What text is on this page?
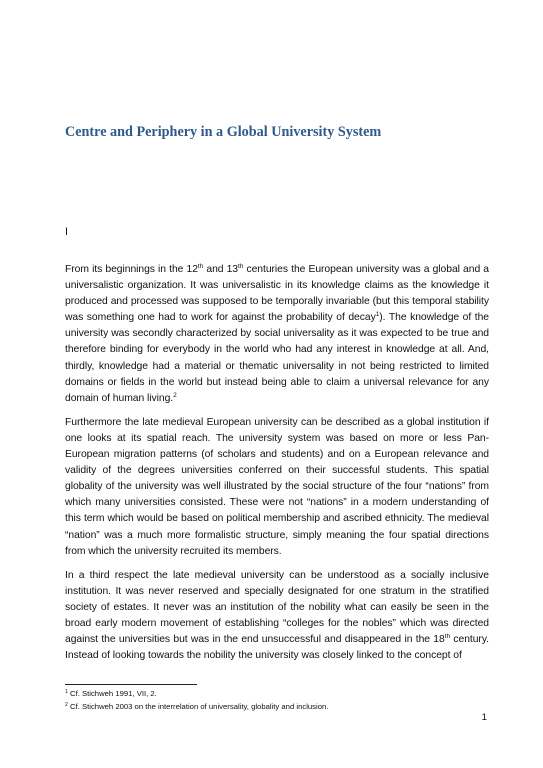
Centre and Periphery in a Global University System
I

From its beginnings in the 12th and 13th centuries the European university was a global and a universalistic organization. It was universalistic in its knowledge claims as the knowledge it produced and processed was supposed to be temporally invariable (but this temporal stability was something one had to work for against the probability of decay$^1$). The knowledge of the university was secondly characterized by social universality as it was expected to be true and therefore binding for everybody in the world who had any interest in knowledge at all. And, thirdly, knowledge had a material or thematic universality in not being restricted to limited domains or fields in the world but instead being able to claim a universal relevance for any domain of human living.$^2$

Furthermore the late medieval European university can be described as a global institution if one looks at its spatial reach. The university system was based on more or less Pan-European migration patterns (of scholars and students) and on a European relevance and validity of the degrees universities conferred on their successful students. This spatial globality of the university was well illustrated by the social structure of the four “nations” from which many universities consisted. These were not “nations” in a modern understanding of this term which would be based on political membership and ascribed ethnicity. The medieval “nation” was a much more formalistic structure, simply meaning the four spatial directions from which the university recruited its members.

In a third respect the late medieval university can be understood as a socially inclusive institution. It was never reserved and specially designated for one stratum in the stratified society of estates. It never was an institution of the nobility what can easily be seen in the broad early modern movement of establishing “colleges for the nobles” which was directed against the universities but was in the end unsuccessful and disappeared in the 18th century. Instead of looking towards the nobility the university was closely linked to the concept of

$^1$ Cf. Stichweh 1991, VII, 2.
$^2$ Cf. Stichweh 2003 on the interrelation of universality, globality and inclusion.
1
